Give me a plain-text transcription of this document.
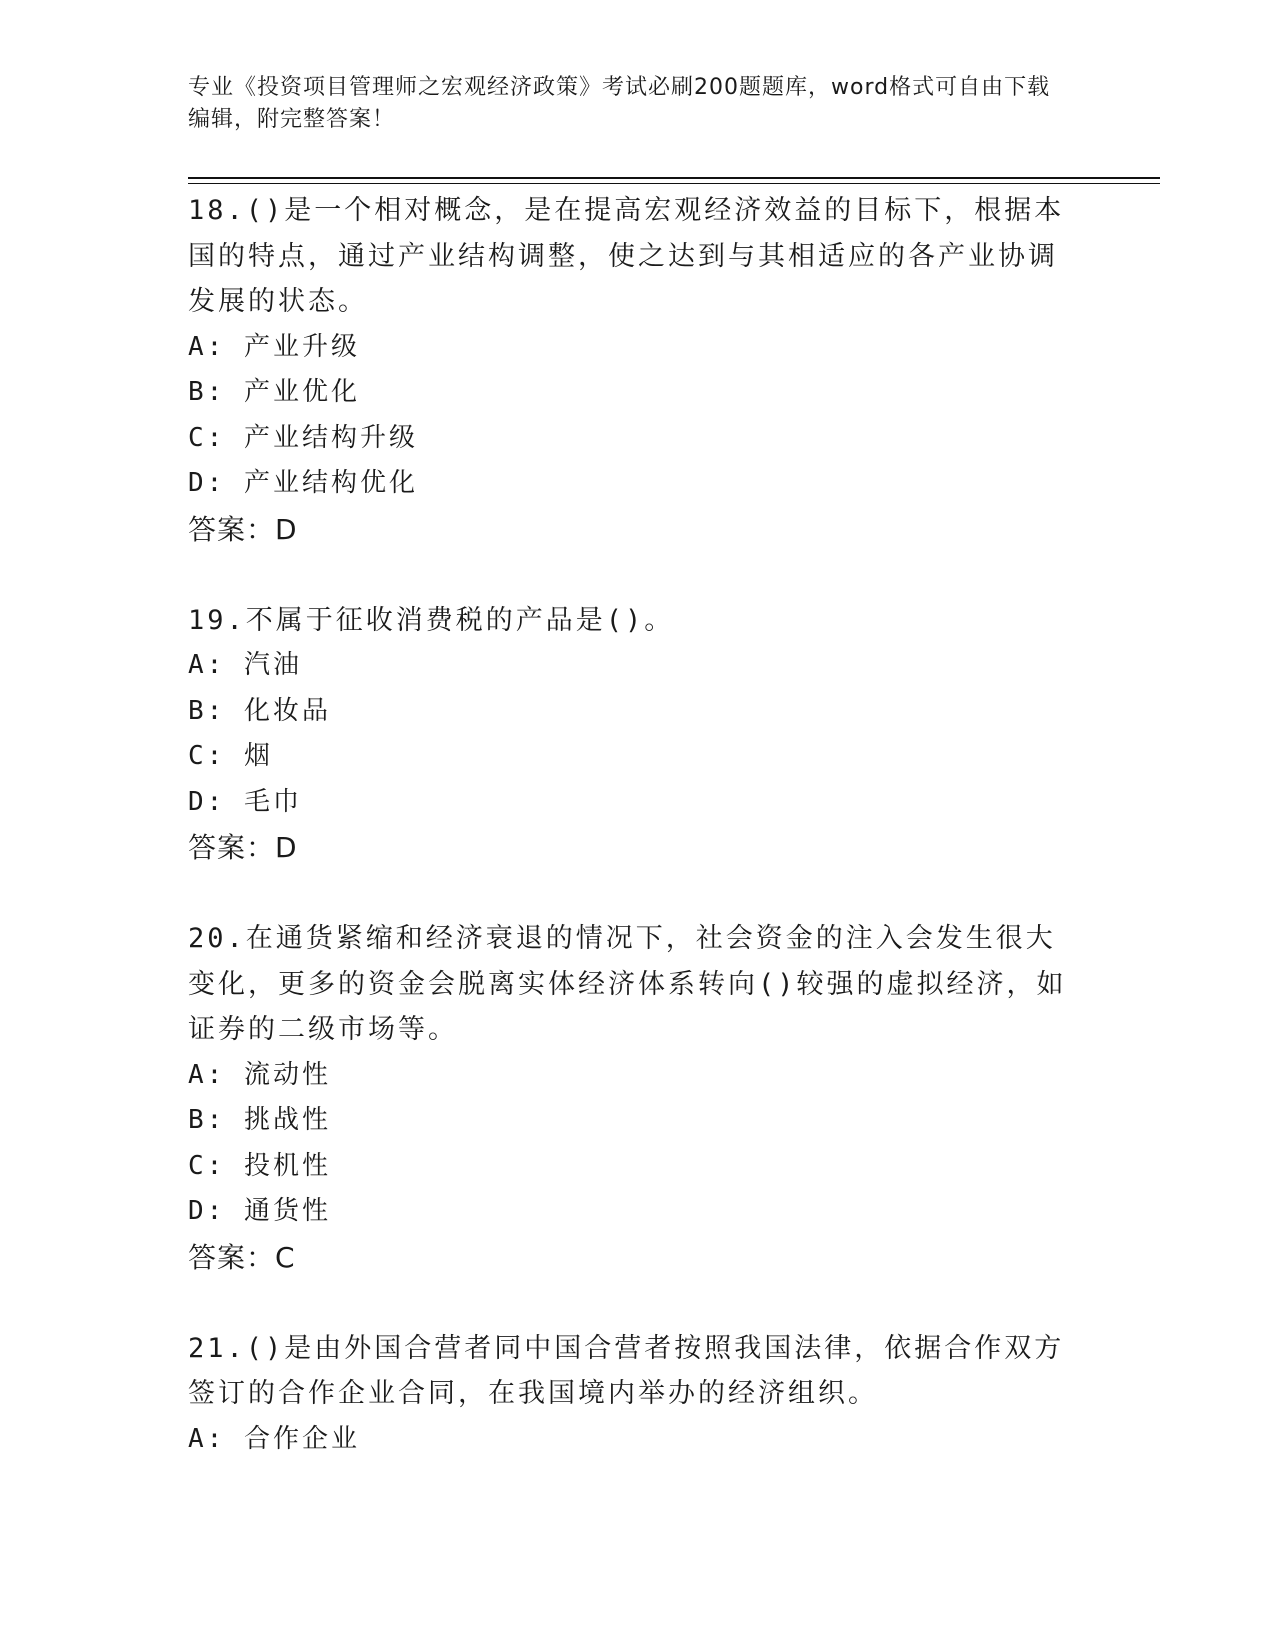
专业《投资项目管理师之宏观经济政策》考试必刷200题题库，word格式可自由下载编辑，附完整答案！

18.()是一个相对概念，是在提高宏观经济效益的目标下，根据本国的特点，通过产业结构调整，使之达到与其相适应的各产业协调发展的状态。

A: 产业升级

B: 产业优化

C: 产业结构升级

D: 产业结构优化

答案：D

19.不属于征收消费税的产品是()。

A: 汽油

B: 化妆品

C: 烟

D: 毛巾

答案：D

20.在通货紧缩和经济衰退的情况下，社会资金的注入会发生很大变化，更多的资金会脱离实体经济体系转向()较强的虚拟经济，如证券的二级市场等。

A: 流动性

B: 挑战性

C: 投机性

D: 通货性

答案：C

21.()是由外国合营者同中国合营者按照我国法律，依据合作双方签订的合作企业合同，在我国境内举办的经济组织。

A: 合作企业
